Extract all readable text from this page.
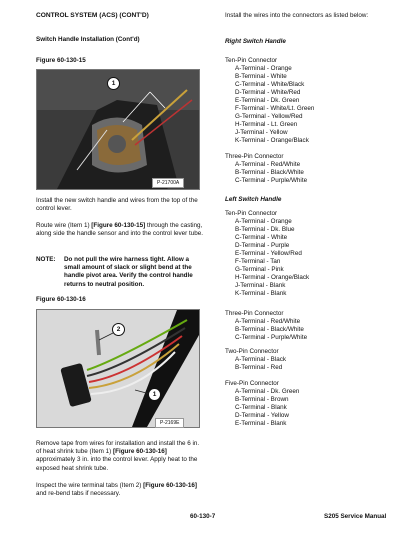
CONTROL SYSTEM (ACS) (CONT'D)
Switch Handle Installation (Cont'd)
Figure 60-130-15
1
P-21700A
Install the new switch handle and wires from the top of the control lever.
Route wire (Item 1) [Figure 60-130-15] through the casting, along side the handle sensor and into the control lever tube.
NOTE: Do not pull the wire harness tight. Allow a small amount of slack or slight bend at the handle pivot area. Verify the control handle returns to neutral position.
Figure 60-130-16
2
1
P-2169E
Remove tape from wires for installation and install the 6 in. of heat shrink tube (Item 1) [Figure 60-130-16] approximately 3 in. into the control lever. Apply heat to the exposed heat shrink tube.
Inspect the wire terminal tabs (Item 2) [Figure 60-130-16] and re-bend tabs if necessary.
Install the wires into the connectors as listed below:
Right Switch Handle
Ten-Pin Connector
A-Terminal - Orange
B-Terminal - White
C-Terminal - White/Black
D-Terminal - White/Red
E-Terminal - Dk. Green
F-Terminal - White/Lt. Green
G-Terminal - Yellow/Red
H-Terminal - Lt. Green
J-Terminal - Yellow
K-Terminal - Orange/Black
Three-Pin Connector
A-Terminal - Red/White
B-Terminal - Black/White
C-Terminal - Purple/White
Left Switch Handle
Ten-Pin Connector
A-Terminal - Orange
B-Terminal - Dk. Blue
C-Terminal - White
D-Terminal - Purple
E-Terminal - Yellow/Red
F-Terminal - Tan
G-Terminal - Pink
H-Terminal - Orange/Black
J-Terminal - Blank
K-Terminal - Blank
Three-Pin Connector
A-Terminal - Red/White
B-Terminal - Black/White
C-Terminal - Purple/White
Two-Pin Connector
A-Terminal - Black
B-Terminal - Red
Five-Pin Connector
A-Terminal - Dk. Green
B-Terminal - Brown
C-Terminal - Blank
D-Terminal - Yellow
E-Terminal - Blank
60-130-7	S205 Service Manual
